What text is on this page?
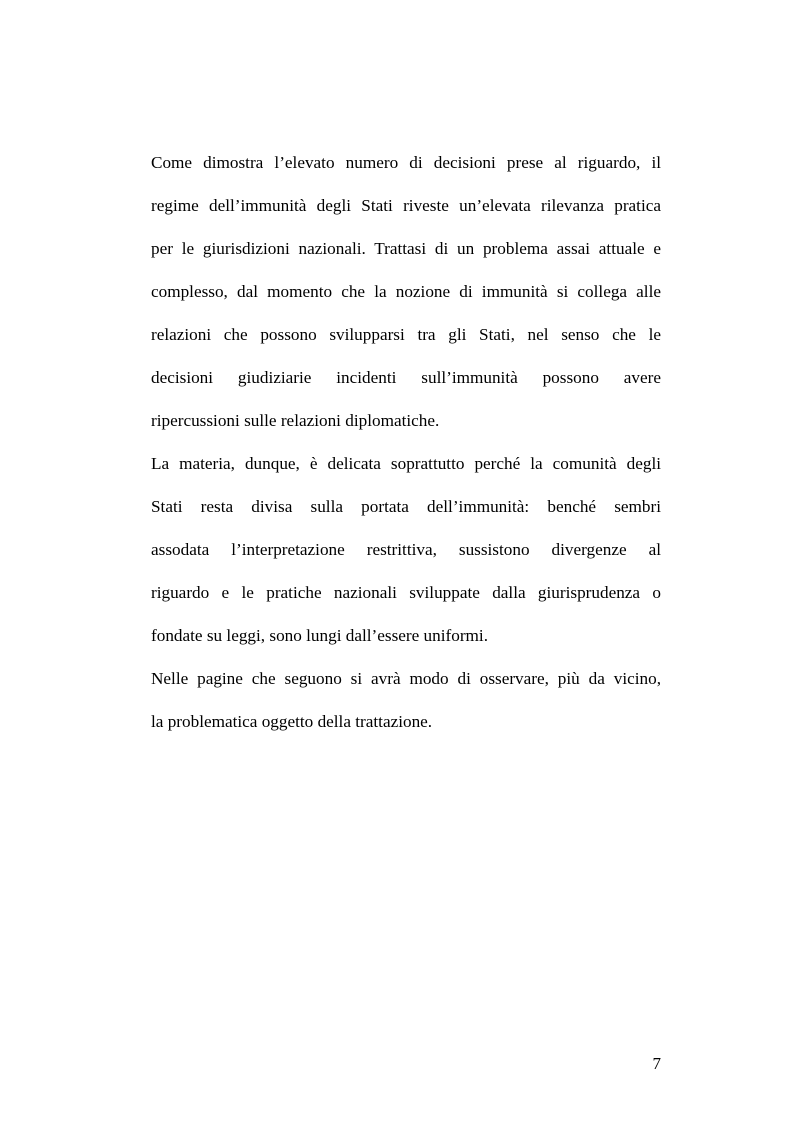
Come dimostra l’elevato numero di decisioni prese al riguardo, il
regime dell’immunità degli Stati riveste un’elevata rilevanza pratica
per le giurisdizioni nazionali. Trattasi di un problema assai attuale e
complesso, dal momento che la nozione di immunità si collega alle
relazioni che possono svilupparsi tra gli Stati, nel senso che le
decisioni giudiziarie incidenti sull’immunità possono avere
ripercussioni sulle relazioni diplomatiche.

La materia, dunque, è delicata soprattutto perché la comunità degli
Stati resta divisa sulla portata dell’immunità: benché sembri
assodata l’interpretazione restrittiva, sussistono divergenze al
riguardo e le pratiche nazionali sviluppate dalla giurisprudenza o
fondate su leggi, sono lungi dall’essere uniformi.

Nelle pagine che seguono si avrà modo di osservare, più da vicino,
la problematica oggetto della trattazione.

7
